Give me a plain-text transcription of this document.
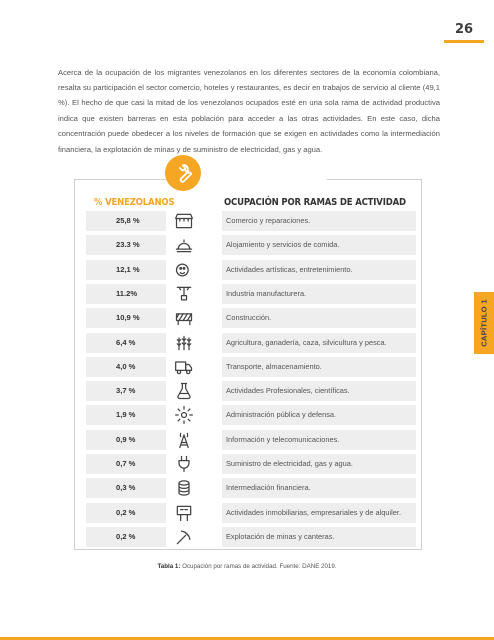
26

Acerca de la ocupación de los migrantes venezolanos en los diferentes sectores de la economía colombiana, resalta su participación el sector comercio, hoteles y restaurantes, es decir en trabajos de servicio al cliente (49,1 %). El hecho de que casi la mitad de los venezolanos ocupados esté en una sola rama de actividad productiva indica que existen barreras en esta población para acceder a las otras actividades. En este caso, dicha concentración puede obedecer a los niveles de formación que se exigen en actividades como la intermediación financiera, la explotación de minas y de suministro de electricidad, gas y agua.

CAPÍTULO 1
% VENEZOLANOS	OCUPACIÓN POR RAMAS DE ACTIVIDAD
25,8 %	Comercio y reparaciones.
23.3 %	Alojamiento y servicios de comida.
12,1 %	Actividades artísticas, entretenimiento.
11.2%	Industria manufacturera.
10,9 %	Construcción.
6,4 %	Agricultura, ganadería, caza, silvicultura y pesca.
4,0 %	Transporte, almacenamiento.
3,7 %	Actividades Profesionales, científicas.
1,9 %	Administración pública y defensa.
0,9 %	Información y telecomunicaciones.
0,7 %	Suministro de electricidad, gas y agua.
0,3 %	Intermediación financiera.
0,2 %	Actividades inmobiliarias, empresariales y de alquiler.
0,2 %	Explotación de minas y canteras.
Tabla 1: Ocupación por ramas de actividad. Fuente: DANE 2019.
